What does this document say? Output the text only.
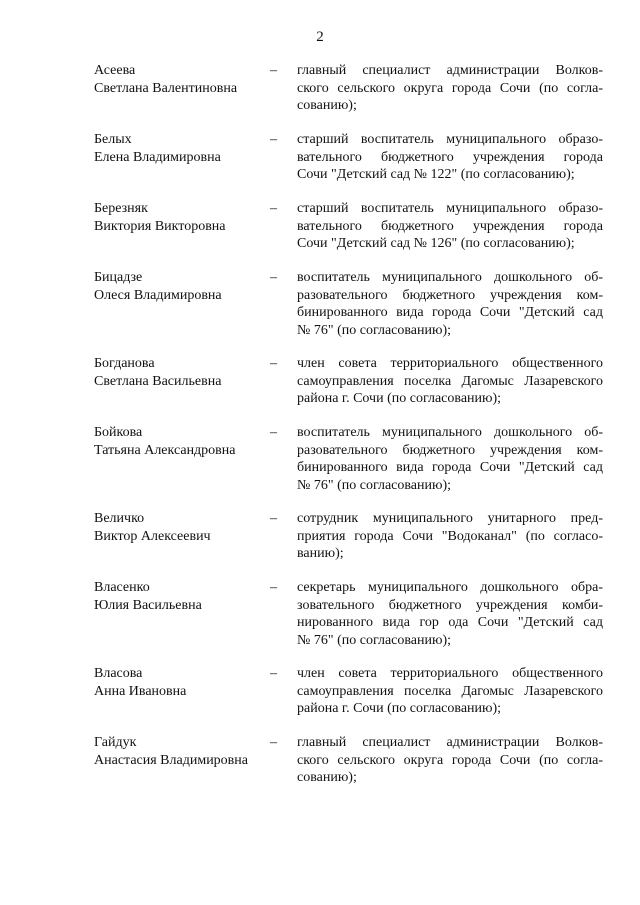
2
Асеева
Светлана Валентиновна
– главный специалист администрации Волков-
ского сельского округа города Сочи (по согла-
сованию);
Белых
Елена Владимировна
– старший воспитатель муниципального образо-
вательного бюджетного учреждения города
Сочи "Детский сад № 122" (по согласованию);
Березняк
Виктория Викторовна
– старший воспитатель муниципального образо-
вательного бюджетного учреждения города
Сочи "Детский сад № 126" (по согласованию);
Бицадзе
Олеся Владимировна
– воспитатель муниципального дошкольного об-
разовательного бюджетного учреждения ком-
бинированного вида города Сочи "Детский сад
№ 76" (по согласованию);
Богданова
Светлана Васильевна
– член совета территориального общественного
самоуправления поселка Дагомыс Лазаревского
района г. Сочи (по согласованию);
Бойкова
Татьяна Александровна
– воспитатель муниципального дошкольного об-
разовательного бюджетного учреждения ком-
бинированного вида города Сочи "Детский сад
№ 76" (по согласованию);
Величко
Виктор Алексеевич
– сотрудник муниципального унитарного пред-
приятия города Сочи "Водоканал" (по согласо-
ванию);
Власенко
Юлия Васильевна
– секретарь муниципального дошкольного обра-
зовательного бюджетного учреждения комби-
нированного вида гор ода Сочи "Детский сад
№ 76" (по согласованию);
Власова
Анна Ивановна
– член совета территориального общественного
самоуправления поселка Дагомыс Лазаревского
района г. Сочи (по согласованию);
Гайдук
Анастасия Владимировна
– главный специалист администрации Волков-
ского сельского округа города Сочи (по согла-
сованию);
